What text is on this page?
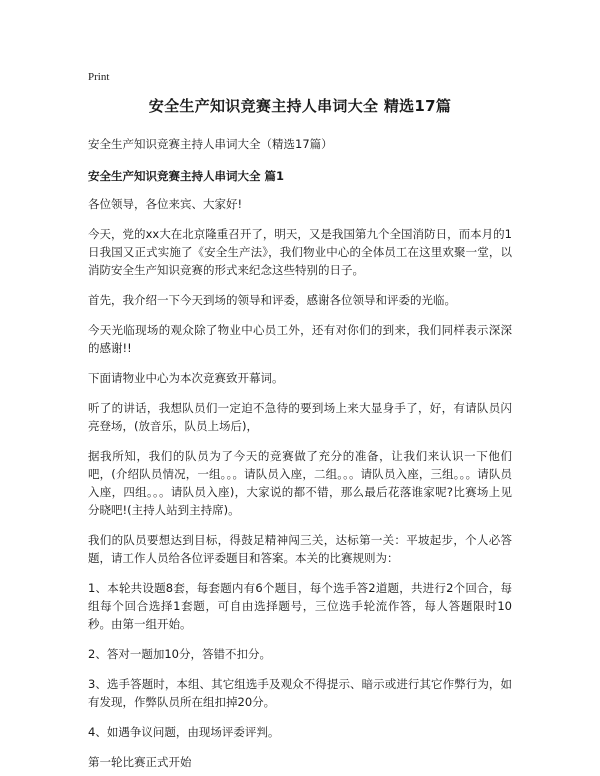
Print
安全生产知识竞赛主持人串词大全 精选17篇
安全生产知识竞赛主持人串词大全（精选17篇）
安全生产知识竞赛主持人串词大全 篇1

各位领导，各位来宾、大家好!

今天，党的xx大在北京隆重召开了，明天，又是我国第九个全国消防日，而本月的1日我国又正式实施了《安全生产法》，我们物业中心的全体员工在这里欢聚一堂，以消防安全生产知识竞赛的形式来纪念这些特别的日子。

首先，我介绍一下今天到场的领导和评委，感谢各位领导和评委的光临。

今天光临现场的观众除了物业中心员工外，还有对你们的到来，我们同样表示深深的感谢!!

下面请物业中心为本次竞赛致开幕词。

听了的讲话，我想队员们一定迫不急待的要到场上来大显身手了，好，有请队员闪亮登场，(放音乐，队员上场后)，

据我所知，我们的队员为了今天的竞赛做了充分的准备，让我们来认识一下他们吧，(介绍队员情况，一组。。。请队员入座，二组。。。请队员入座，三组。。。请队员入座，四组。。。请队员入座)，大家说的都不错，那么最后花落谁家呢?比赛场上见分晓吧!(主持人站到主持席)。

我们的队员要想达到目标，得鼓足精神闯三关，达标第一关：平坡起步，个人必答题，请工作人员给各位评委题目和答案。本关的比赛规则为：

1、本轮共设题8套，每套题内有6个题目，每个选手答2道题，共进行2个回合，每组每个回合选择1套题，可自由选择题号，三位选手轮流作答，每人答题限时10秒。由第一组开始。

2、答对一题加10分，答错不扣分。

3、选手答题时，本组、其它组选手及观众不得提示、暗示或进行其它作弊行为，如有发现，作弊队员所在组扣掉20分。

4、如遇争议问题，由现场评委评判。

第一轮比赛正式开始
